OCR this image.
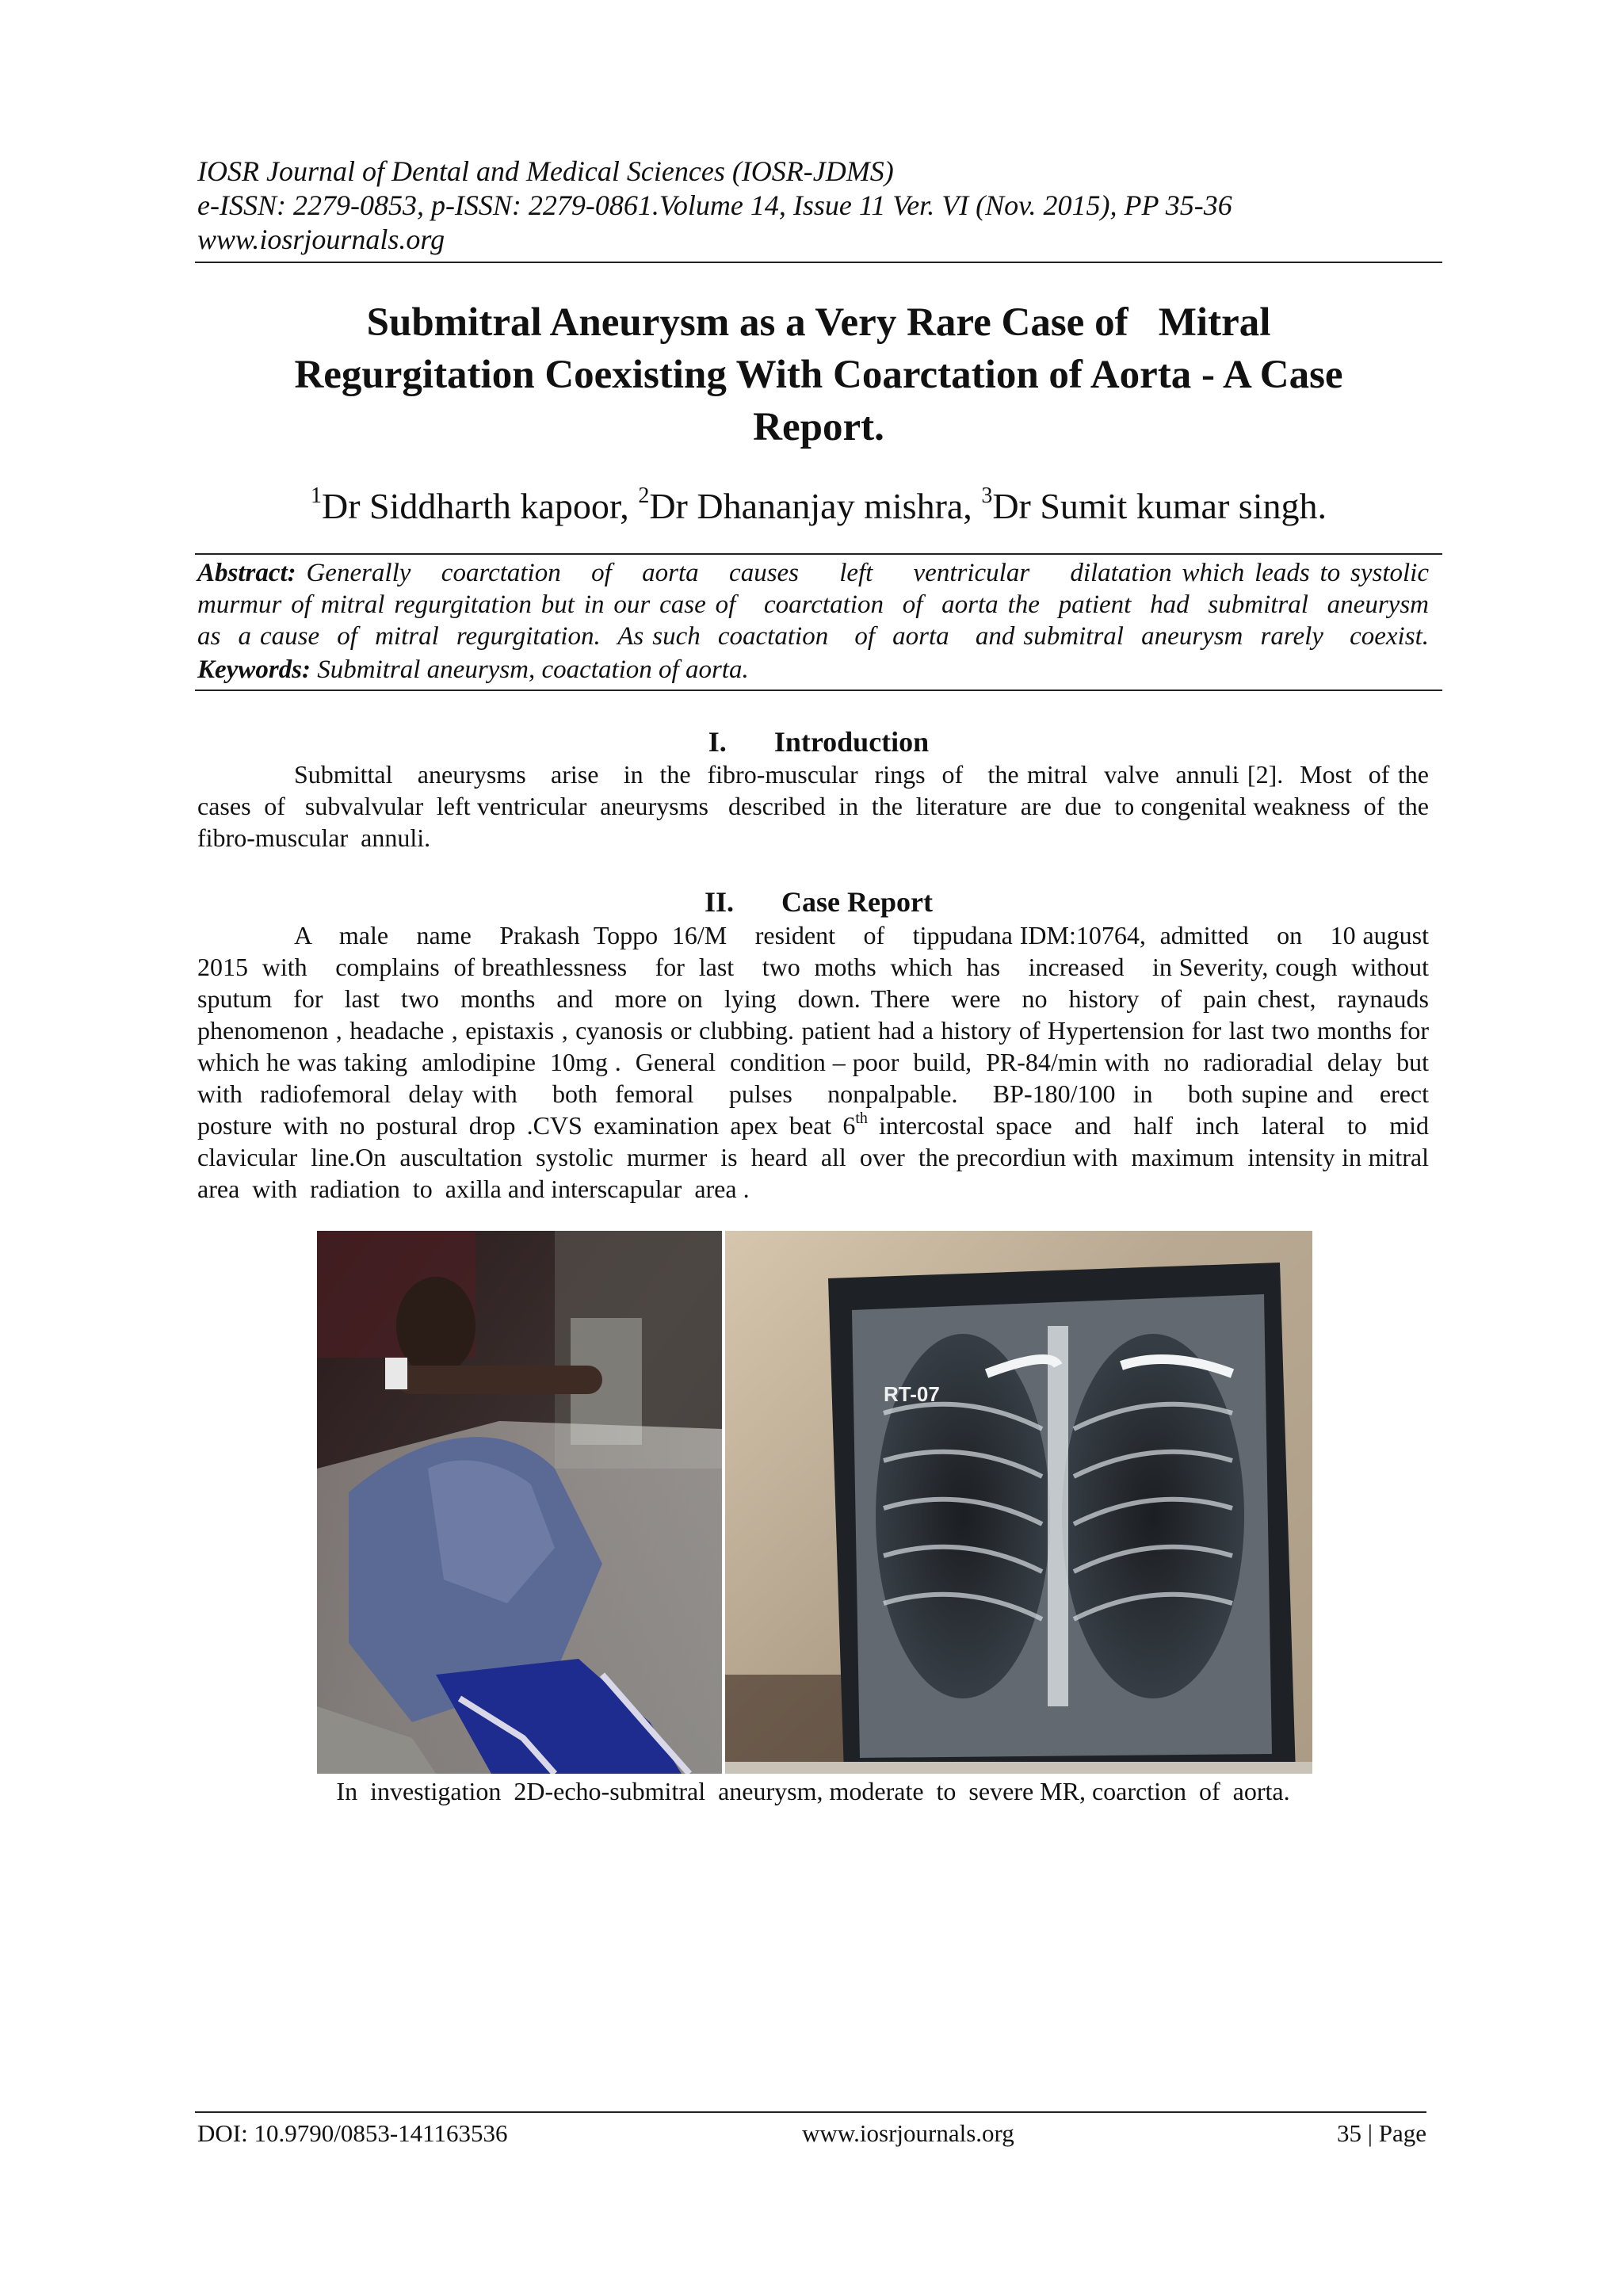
IOSR Journal of Dental and Medical Sciences (IOSR-JDMS)
e-ISSN: 2279-0853, p-ISSN: 2279-0861.Volume 14, Issue 11 Ver. VI (Nov. 2015), PP 35-36
www.iosrjournals.org
Submitral Aneurysm as a Very Rare Case of   Mitral
Regurgitation Coexisting With Coarctation of Aorta - A Case
Report.
$^1$Dr Siddharth kapoor, $^2$Dr Dhananjay mishra, $^3$Dr Sumit kumar singh.
Abstract: Generally   coarctation   of   aorta   causes    left    ventricular    dilatation which leads to systolic
murmur of mitral regurgitation but in our case of   coarctation  of  aorta the  patient  had  submitral  aneurysm
as  a cause  of  mitral  regurgitation.  As such  coactation   of  aorta   and submitral  aneurysm  rarely   coexist.
Keywords: Submitral aneurysm, coactation of aorta.
I. Introduction
Submittal   aneurysms   arise   in  the  fibro-muscular  rings  of   the mitral  valve  annuli [2].  Most  of the  cases  of   subvalvular  left ventricular  aneurysms   described  in  the  literature  are  due  to congenital weakness  of  the  fibro-muscular  annuli.
II. Case Report
A    male    name    Prakash  Toppo  16/M    resident    of    tippudana IDM:10764,  admitted    on    10 august   2015  with    complains  of breathlessness    for  last    two  moths  which  has    increased    in Severity, cough  without  sputum  for  last  two  months  and  more on  lying  down. There  were  no  history  of  pain chest,  raynauds phenomenon , headache , epistaxis , cyanosis or clubbing. patient had a history of Hypertension for last two months for which he was taking  amlodipine  10mg .  General  condition – poor  build,  PR-84/min with  no  radioradial  delay  but  with  radiofemoral  delay with    both  femoral    pulses    nonpalpable.    BP-180/100  in    both supine and   erect  posture with no postural drop .CVS examination apex beat 6th intercostal space  and  half  inch  lateral  to  mid  clavicular  line.On  auscultation  systolic  murmer  is  heard  all  over  the precordiun with  maximum  intensity in mitral  area  with  radiation  to  axilla and interscapular  area .
RT-07
In  investigation  2D-echo-submitral  aneurysm, moderate  to  severe MR, coarction  of  aorta.
DOI: 10.9790/0853-141163536	www.iosrjournals.org	35 | Page
